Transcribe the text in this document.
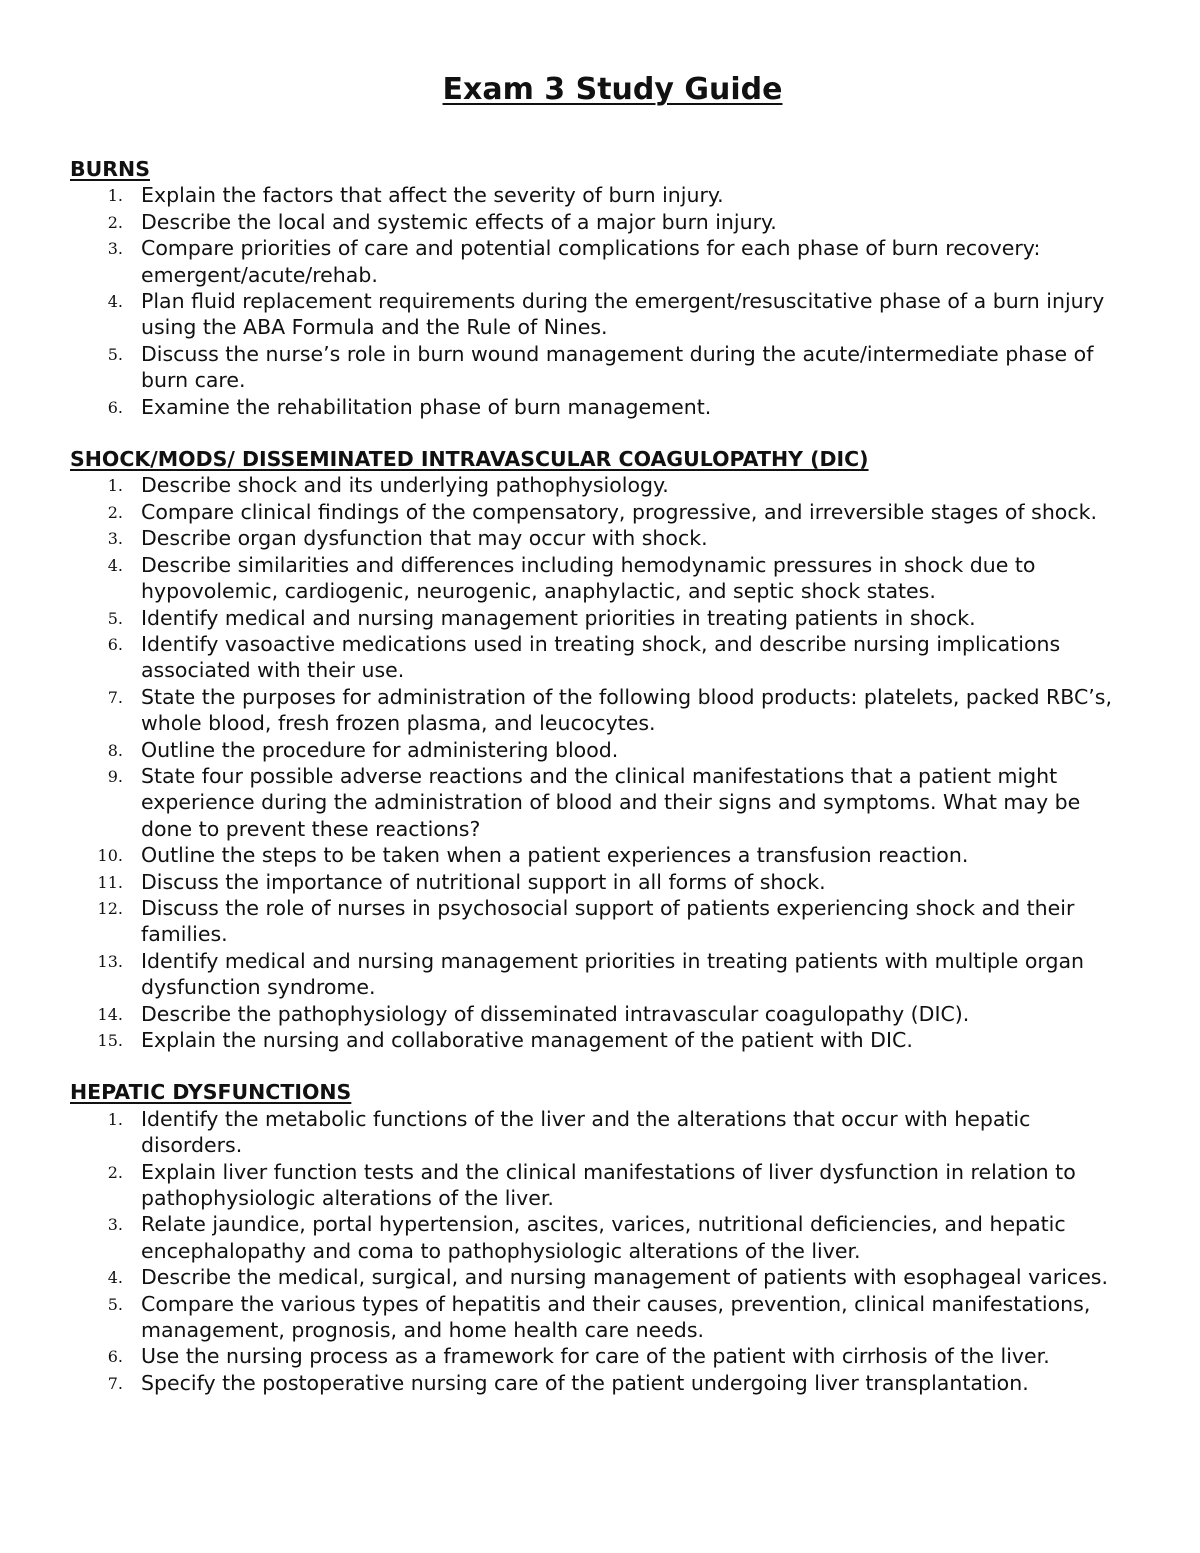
Exam 3 Study Guide
BURNS
1. Explain the factors that affect the severity of burn injury.
2. Describe the local and systemic effects of a major burn injury.
3. Compare priorities of care and potential complications for each phase of burn recovery: emergent/acute/rehab.
4. Plan fluid replacement requirements during the emergent/resuscitative phase of a burn injury using the ABA Formula and the Rule of Nines.
5. Discuss the nurse’s role in burn wound management during the acute/intermediate phase of burn care.
6. Examine the rehabilitation phase of burn management.
SHOCK/MODS/ DISSEMINATED INTRAVASCULAR COAGULOPATHY (DIC)
1. Describe shock and its underlying pathophysiology.
2. Compare clinical findings of the compensatory, progressive, and irreversible stages of shock.
3. Describe organ dysfunction that may occur with shock.
4. Describe similarities and differences including hemodynamic pressures in shock due to hypovolemic, cardiogenic, neurogenic, anaphylactic, and septic shock states.
5. Identify medical and nursing management priorities in treating patients in shock.
6. Identify vasoactive medications used in treating shock, and describe nursing implications associated with their use.
7. State the purposes for administration of the following blood products: platelets, packed RBC’s, whole blood, fresh frozen plasma, and leucocytes.
8. Outline the procedure for administering blood.
9. State four possible adverse reactions and the clinical manifestations that a patient might experience during the administration of blood and their signs and symptoms. What may be done to prevent these reactions?
10. Outline the steps to be taken when a patient experiences a transfusion reaction.
11. Discuss the importance of nutritional support in all forms of shock.
12. Discuss the role of nurses in psychosocial support of patients experiencing shock and their families.
13. Identify medical and nursing management priorities in treating patients with multiple organ dysfunction syndrome.
14. Describe the pathophysiology of disseminated intravascular coagulopathy (DIC).
15. Explain the nursing and collaborative management of the patient with DIC.
HEPATIC DYSFUNCTIONS
1. Identify the metabolic functions of the liver and the alterations that occur with hepatic disorders.
2. Explain liver function tests and the clinical manifestations of liver dysfunction in relation to pathophysiologic alterations of the liver.
3. Relate jaundice, portal hypertension, ascites, varices, nutritional deficiencies, and hepatic encephalopathy and coma to pathophysiologic alterations of the liver.
4. Describe the medical, surgical, and nursing management of patients with esophageal varices.
5. Compare the various types of hepatitis and their causes, prevention, clinical manifestations, management, prognosis, and home health care needs.
6. Use the nursing process as a framework for care of the patient with cirrhosis of the liver.
7. Specify the postoperative nursing care of the patient undergoing liver transplantation.
